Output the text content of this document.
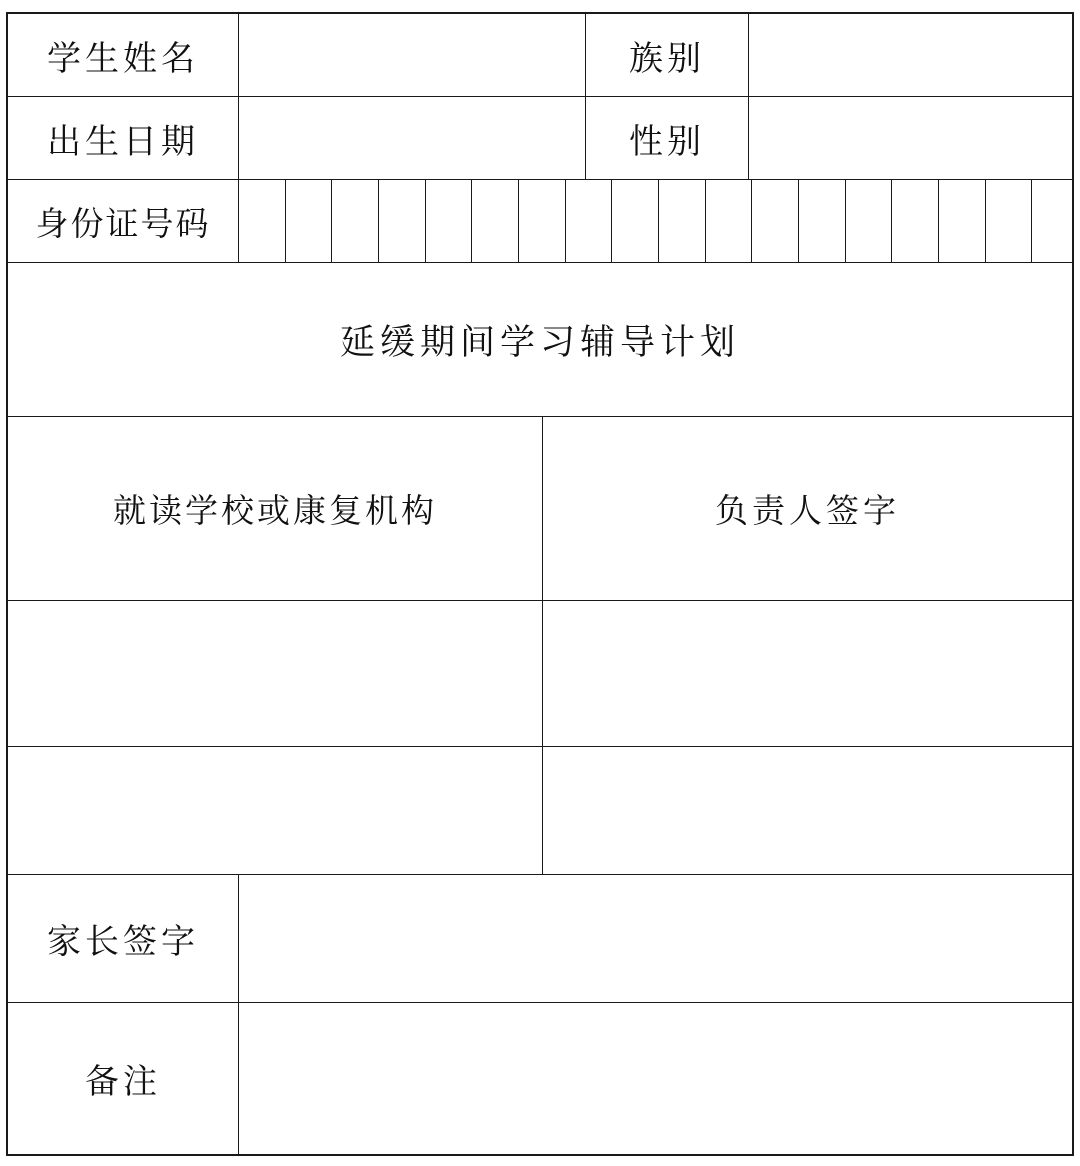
学生姓名	族别
出生日期	性别
身份证号码
延缓期间学习辅导计划
就读学校或康复机构	负责人签字
家长签字
备注
